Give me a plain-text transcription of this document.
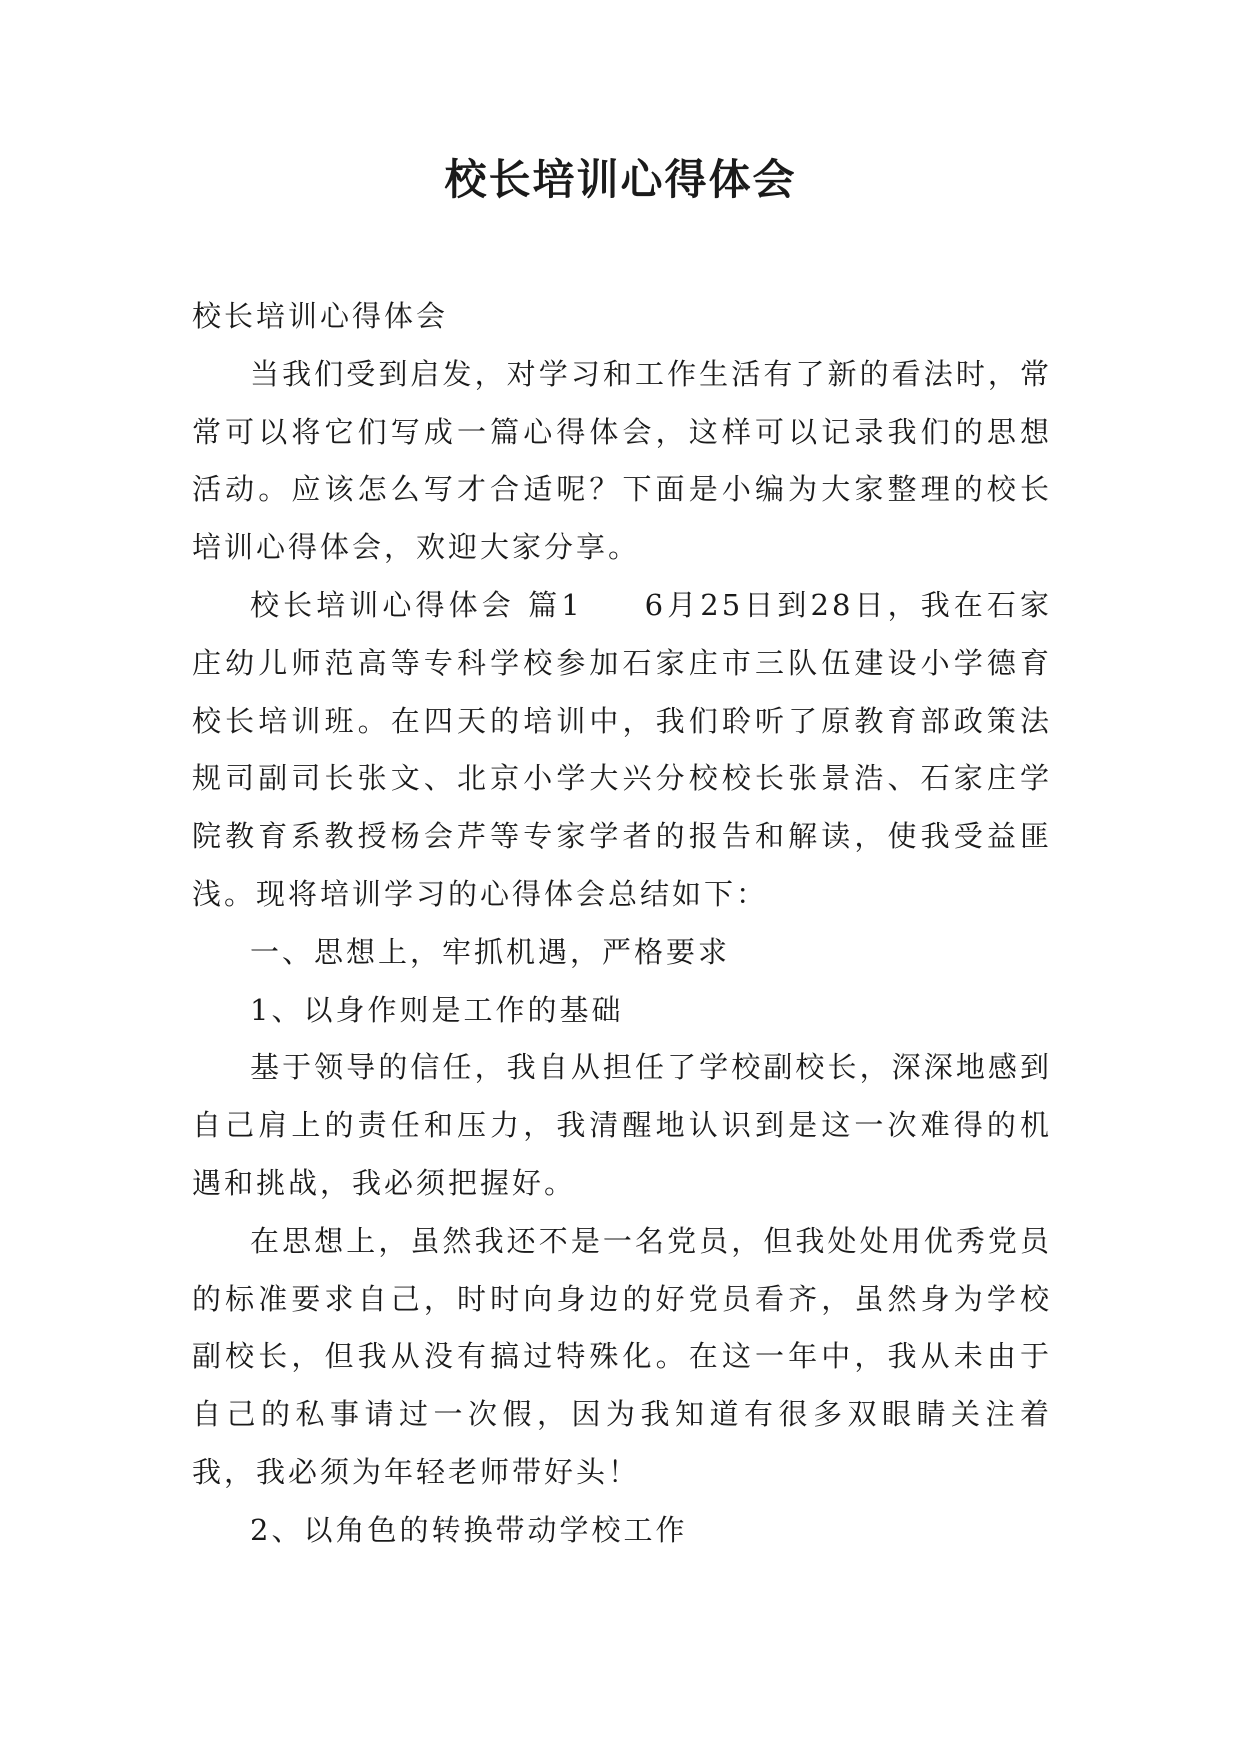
校长培训心得体会

校长培训心得体会

当我们受到启发，对学习和工作生活有了新的看法时，常常可以将它们写成一篇心得体会，这样可以记录我们的思想活动。应该怎么写才合适呢？下面是小编为大家整理的校长培训心得体会，欢迎大家分享。

校长培训心得体会 篇1 6月25日到28日，我在石家庄幼儿师范高等专科学校参加石家庄市三队伍建设小学德育校长培训班。在四天的培训中，我们聆听了原教育部政策法规司副司长张文、北京小学大兴分校校长张景浩、石家庄学院教育系教授杨会芹等专家学者的报告和解读，使我受益匪浅。现将培训学习的心得体会总结如下：

一、思想上，牢抓机遇，严格要求

1、以身作则是工作的基础

基于领导的信任，我自从担任了学校副校长，深深地感到自己肩上的责任和压力，我清醒地认识到是这一次难得的机遇和挑战，我必须把握好。

在思想上，虽然我还不是一名党员，但我处处用优秀党员的标准要求自己，时时向身边的好党员看齐，虽然身为学校副校长，但我从没有搞过特殊化。在这一年中，我从未由于自己的私事请过一次假，因为我知道有很多双眼睛关注着我，我必须为年轻老师带好头！

2、以角色的转换带动学校工作
